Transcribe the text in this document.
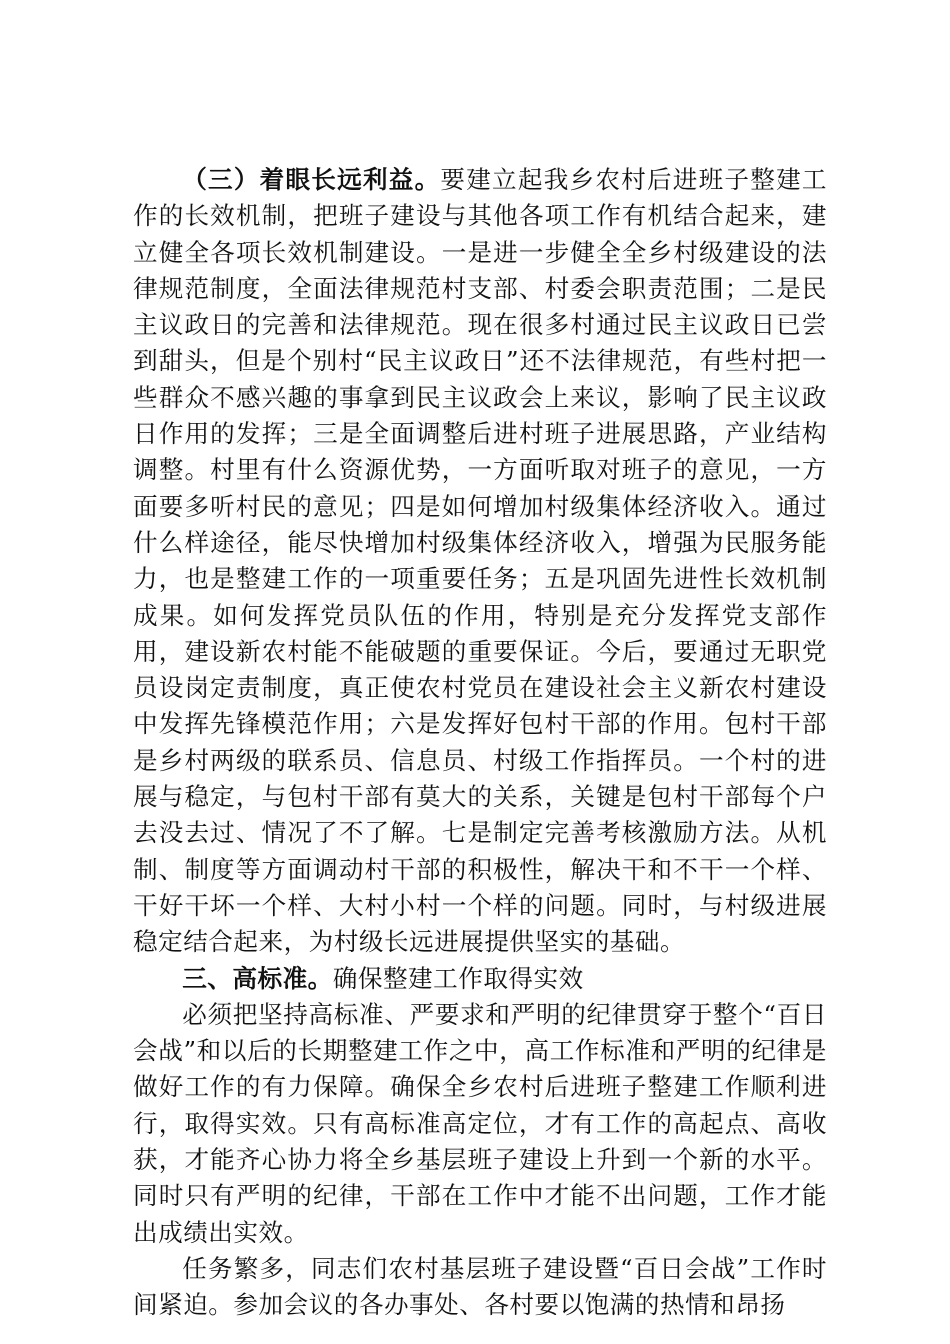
（三）着眼长远利益。要建立起我乡农村后进班子整建工作的长效机制，把班子建设与其他各项工作有机结合起来，建立健全各项长效机制建设。一是进一步健全全乡村级建设的法律规范制度，全面法律规范村支部、村委会职责范围；二是民主议政日的完善和法律规范。现在很多村通过民主议政日已尝到甜头，但是个别村“民主议政日”还不法律规范，有些村把一些群众不感兴趣的事拿到民主议政会上来议，影响了民主议政日作用的发挥；三是全面调整后进村班子进展思路，产业结构调整。村里有什么资源优势，一方面听取对班子的意见，一方面要多听村民的意见；四是如何增加村级集体经济收入。通过什么样途径，能尽快增加村级集体经济收入，增强为民服务能力，也是整建工作的一项重要任务；五是巩固先进性长效机制成果。如何发挥党员队伍的作用，特别是充分发挥党支部作用，建设新农村能不能破题的重要保证。今后，要通过无职党员设岗定责制度，真正使农村党员在建设社会主义新农村建设中发挥先锋模范作用；六是发挥好包村干部的作用。包村干部是乡村两级的联系员、信息员、村级工作指挥员。一个村的进展与稳定，与包村干部有莫大的关系，关键是包村干部每个户去没去过、情况了不了解。七是制定完善考核激励方法。从机制、制度等方面调动村干部的积极性，解决干和不干一个样、干好干坏一个样、大村小村一个样的问题。同时，与村级进展稳定结合起来，为村级长远进展提供坚实的基础。

三、高标准。确保整建工作取得实效

必须把坚持高标准、严要求和严明的纪律贯穿于整个“百日会战”和以后的长期整建工作之中，高工作标准和严明的纪律是做好工作的有力保障。确保全乡农村后进班子整建工作顺利进行，取得实效。只有高标准高定位，才有工作的高起点、高收获，才能齐心协力将全乡基层班子建设上升到一个新的水平。同时只有严明的纪律，干部在工作中才能不出问题，工作才能出成绩出实效。

任务繁多，同志们农村基层班子建设暨“百日会战”工作时间紧迫。参加会议的各办事处、各村要以饱满的热情和昂扬
